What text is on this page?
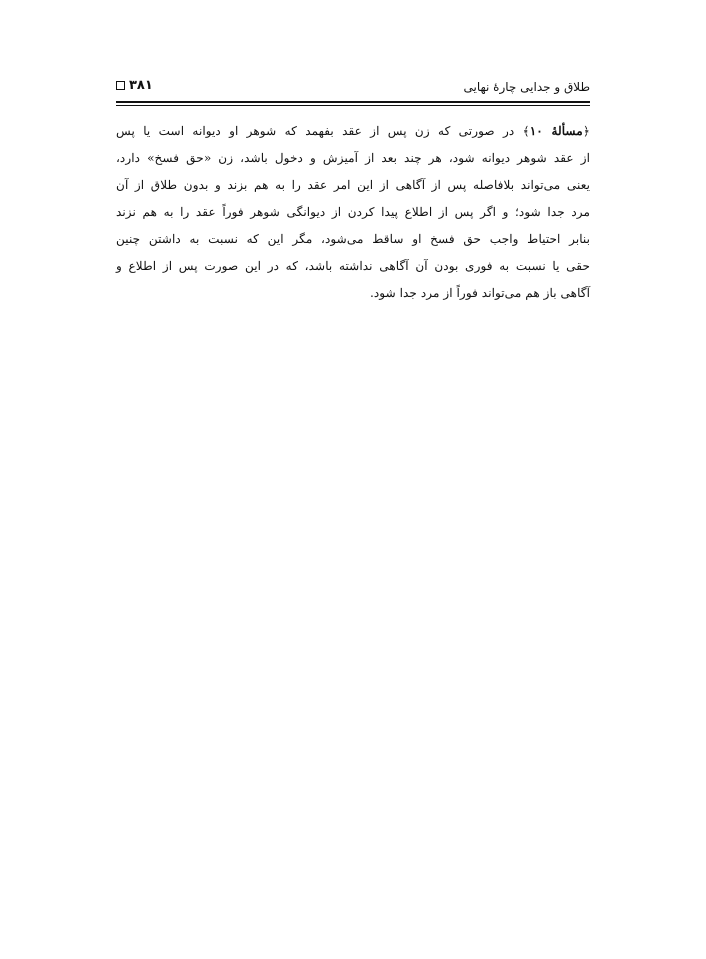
طلاق و جدایی چارهٔ نهایی
۳۸۱
﴿مسألهٔ ۱۰﴾ در صورتی که زن پس از عقد بفهمد که شوهر او دیوانه است یا پس
از عقد شوهر دیوانه شود، هر چند بعد از آمیزش و دخول باشد، زن «حق فسخ» دارد،
یعنی می‌تواند بلافاصله پس از آگاهی از این امر عقد را به هم بزند و بدون طلاق از آن
مرد جدا شود؛ و اگر پس از اطلاع پیدا کردن از دیوانگی شوهر فوراً عقد را به هم نزند
بنابر احتیاط واجب حق فسخ او ساقط می‌شود، مگر این که نسبت به داشتن چنین
حقی یا نسبت به فوری بودن آن آگاهی نداشته باشد، که در این صورت پس از اطلاع و
آگاهی باز هم می‌تواند فوراً از مرد جدا شود.
